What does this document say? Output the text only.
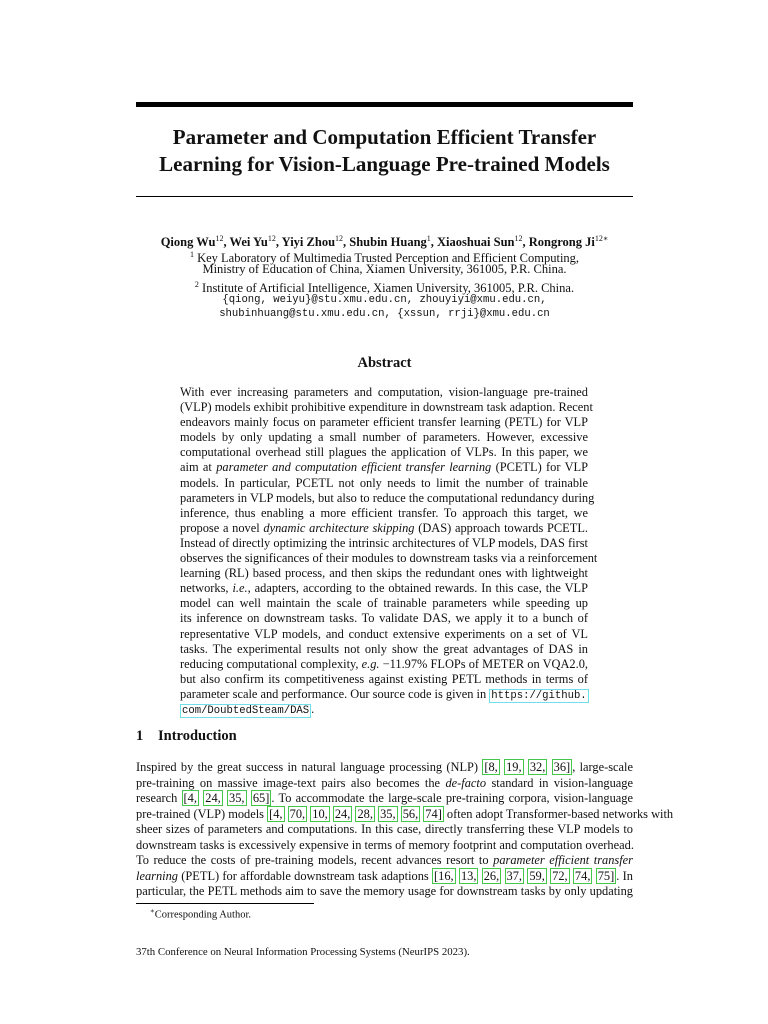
Parameter and Computation Efficient Transfer
Learning for Vision-Language Pre-trained Models
Qiong Wu$^{12}$, Wei Yu$^{12}$, Yiyi Zhou$^{12}$, Shubin Huang$^1$, Xiaoshuai Sun$^{12}$, Rongrong $Ji^{12∗}$
$^1$ Key Laboratory of Multimedia Trusted Perception and Efficient Computing,
Ministry of Education of China, Xiamen University, 361005, P.R. China.
$^2$ Institute of Artificial Intelligence, Xiamen University, 361005, P.R. China.
{qiong, weiyu}@stu.xmu.edu.cn, zhouyiyi@xmu.edu.cn,
shubinhuang@stu.xmu.edu.cn, {xssun, rrji}@xmu.edu.cn
Abstract
With ever increasing parameters and computation, vision-language pre-trained
(VLP) models exhibit prohibitive expenditure in downstream task adaption. Recent
endeavors mainly focus on parameter efficient transfer learning (PETL) for VLP
models by only updating a small number of parameters. However, excessive
computational overhead still plagues the application of VLPs. In this paper, we
aim at parameter and computation efficient transfer learning (PCETL) for VLP
models. In particular, PCETL not only needs to limit the number of trainable
parameters in VLP models, but also to reduce the computational redundancy during
inference, thus enabling a more efficient transfer. To approach this target, we
propose a novel dynamic architecture skipping (DAS) approach towards PCETL.
Instead of directly optimizing the intrinsic architectures of VLP models, DAS first
observes the significances of their modules to downstream tasks via a reinforcement
learning (RL) based process, and then skips the redundant ones with lightweight
networks, i.e., adapters, according to the obtained rewards. In this case, the VLP
model can well maintain the scale of trainable parameters while speeding up
its inference on downstream tasks. To validate DAS, we apply it to a bunch of
representative VLP models, and conduct extensive experiments on a set of VL
tasks. The experimental results not only show the great advantages of DAS in
reducing computational complexity, e.g. −11.97% FLOPs of METER on VQA2.0,
but also confirm its competitiveness against existing PETL methods in terms of
parameter scale and performance. Our source code is given in https://github.
com/DoubtedSteam/DAS .
1 Introduction
Inspired by the great success in natural language processing (NLP) [8, 19, 32, 36] , large-scale
pre-training on massive image-text pairs also becomes the de-facto standard in vision-language
research [4, 24, 35, 65] . To accommodate the large-scale pre-training corpora, vision-language
pre-trained (VLP) models [4, 70, 10, 24, 28, 35, 56, 74] often adopt Transformer-based networks with
sheer sizes of parameters and computations. In this case, directly transferring these VLP models to
downstream tasks is excessively expensive in terms of memory footprint and computation overhead.
To reduce the costs of pre-training models, recent advances resort to parameter efficient transfer
learning (PETL) for affordable downstream task adaptions [16, 13, 26, 37, 59, 72, 74, 75] . In
particular, the PETL methods aim to save the memory usage for downstream tasks by only updating
∗Corresponding Author.
37th Conference on Neural Information Processing Systems (NeurIPS 2023).
